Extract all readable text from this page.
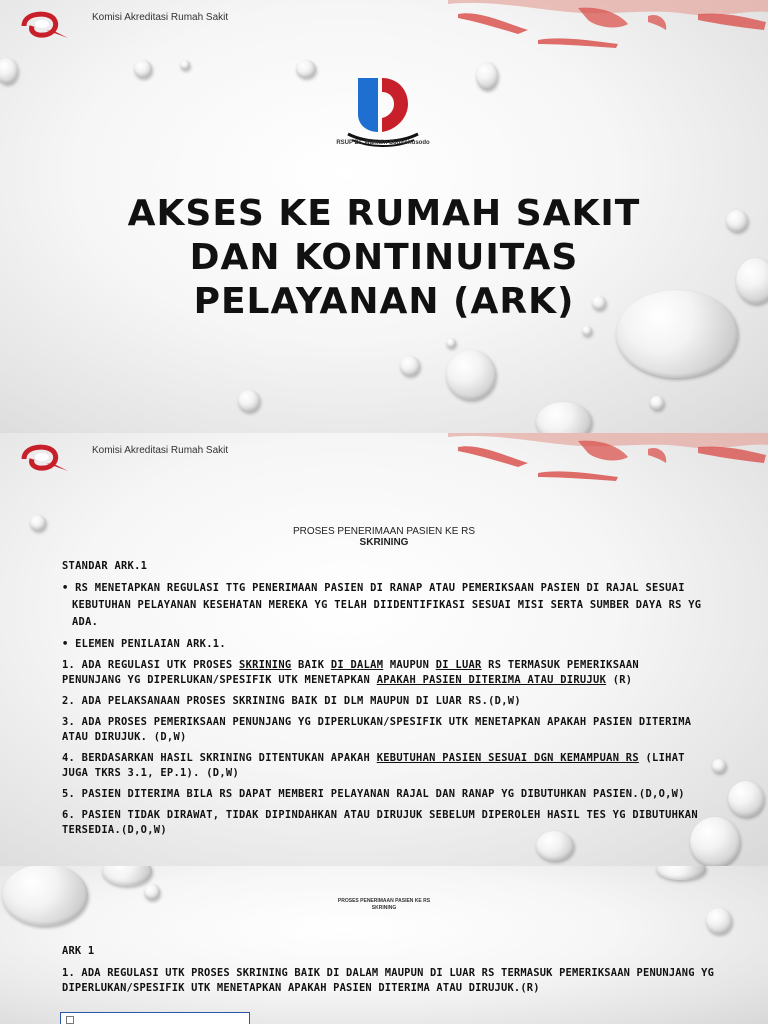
Komisi Akreditasi Rumah Sakit
RSUP Dr. Wahidin Sudirohusodo
AKSES KE RUMAH SAKIT
DAN KONTINUITAS
PELAYANAN (ARK)
Komisi Akreditasi Rumah Sakit
PROSES PENERIMAAN PASIEN KE RS
SKRINING

STANDAR ARK.1

• RS MENETAPKAN REGULASI TTG PENERIMAAN PASIEN DI RANAP ATAU PEMERIKSAAN PASIEN DI RAJAL SESUAI KEBUTUHAN PELAYANAN KESEHATAN MEREKA YG TELAH DIIDENTIFIKASI SESUAI MISI SERTA SUMBER DAYA RS YG ADA.

• ELEMEN PENILAIAN ARK.1.

1. ADA REGULASI UTK PROSES SKRINING BAIK DI DALAM MAUPUN DI LUAR RS TERMASUK PEMERIKSAAN PENUNJANG YG DIPERLUKAN/SPESIFIK UTK MENETAPKAN APAKAH PASIEN DITERIMA ATAU DIRUJUK (R)

2. ADA PELAKSANAAN PROSES SKRINING BAIK DI DLM MAUPUN DI LUAR RS.(D,W)

3. ADA PROSES PEMERIKSAAN PENUNJANG YG DIPERLUKAN/SPESIFIK UTK MENETAPKAN APAKAH PASIEN DITERIMA ATAU DIRUJUK. (D,W)

4. BERDASARKAN HASIL SKRINING DITENTUKAN APAKAH KEBUTUHAN PASIEN SESUAI DGN KEMAMPUAN RS (LIHAT JUGA TKRS 3.1, EP.1). (D,W)

5. PASIEN DITERIMA BILA RS DAPAT MEMBERI PELAYANAN RAJAL DAN RANAP YG DIBUTUHKAN PASIEN.(D,O,W)

6. PASIEN TIDAK DIRAWAT, TIDAK DIPINDAHKAN ATAU DIRUJUK SEBELUM DIPEROLEH HASIL TES YG DIBUTUHKAN TERSEDIA.(D,O,W)

PROSES PENERIMAAN PASIEN KE RS
SKRINING

ARK 1

1. ADA REGULASI UTK PROSES SKRINING BAIK DI DALAM MAUPUN DI LUAR RS TERMASUK PEMERIKSAAN PENUNJANG YG DIPERLUKAN/SPESIFIK UTK MENETAPKAN APAKAH PASIEN DITERIMA ATAU DIRUJUK.(R)
